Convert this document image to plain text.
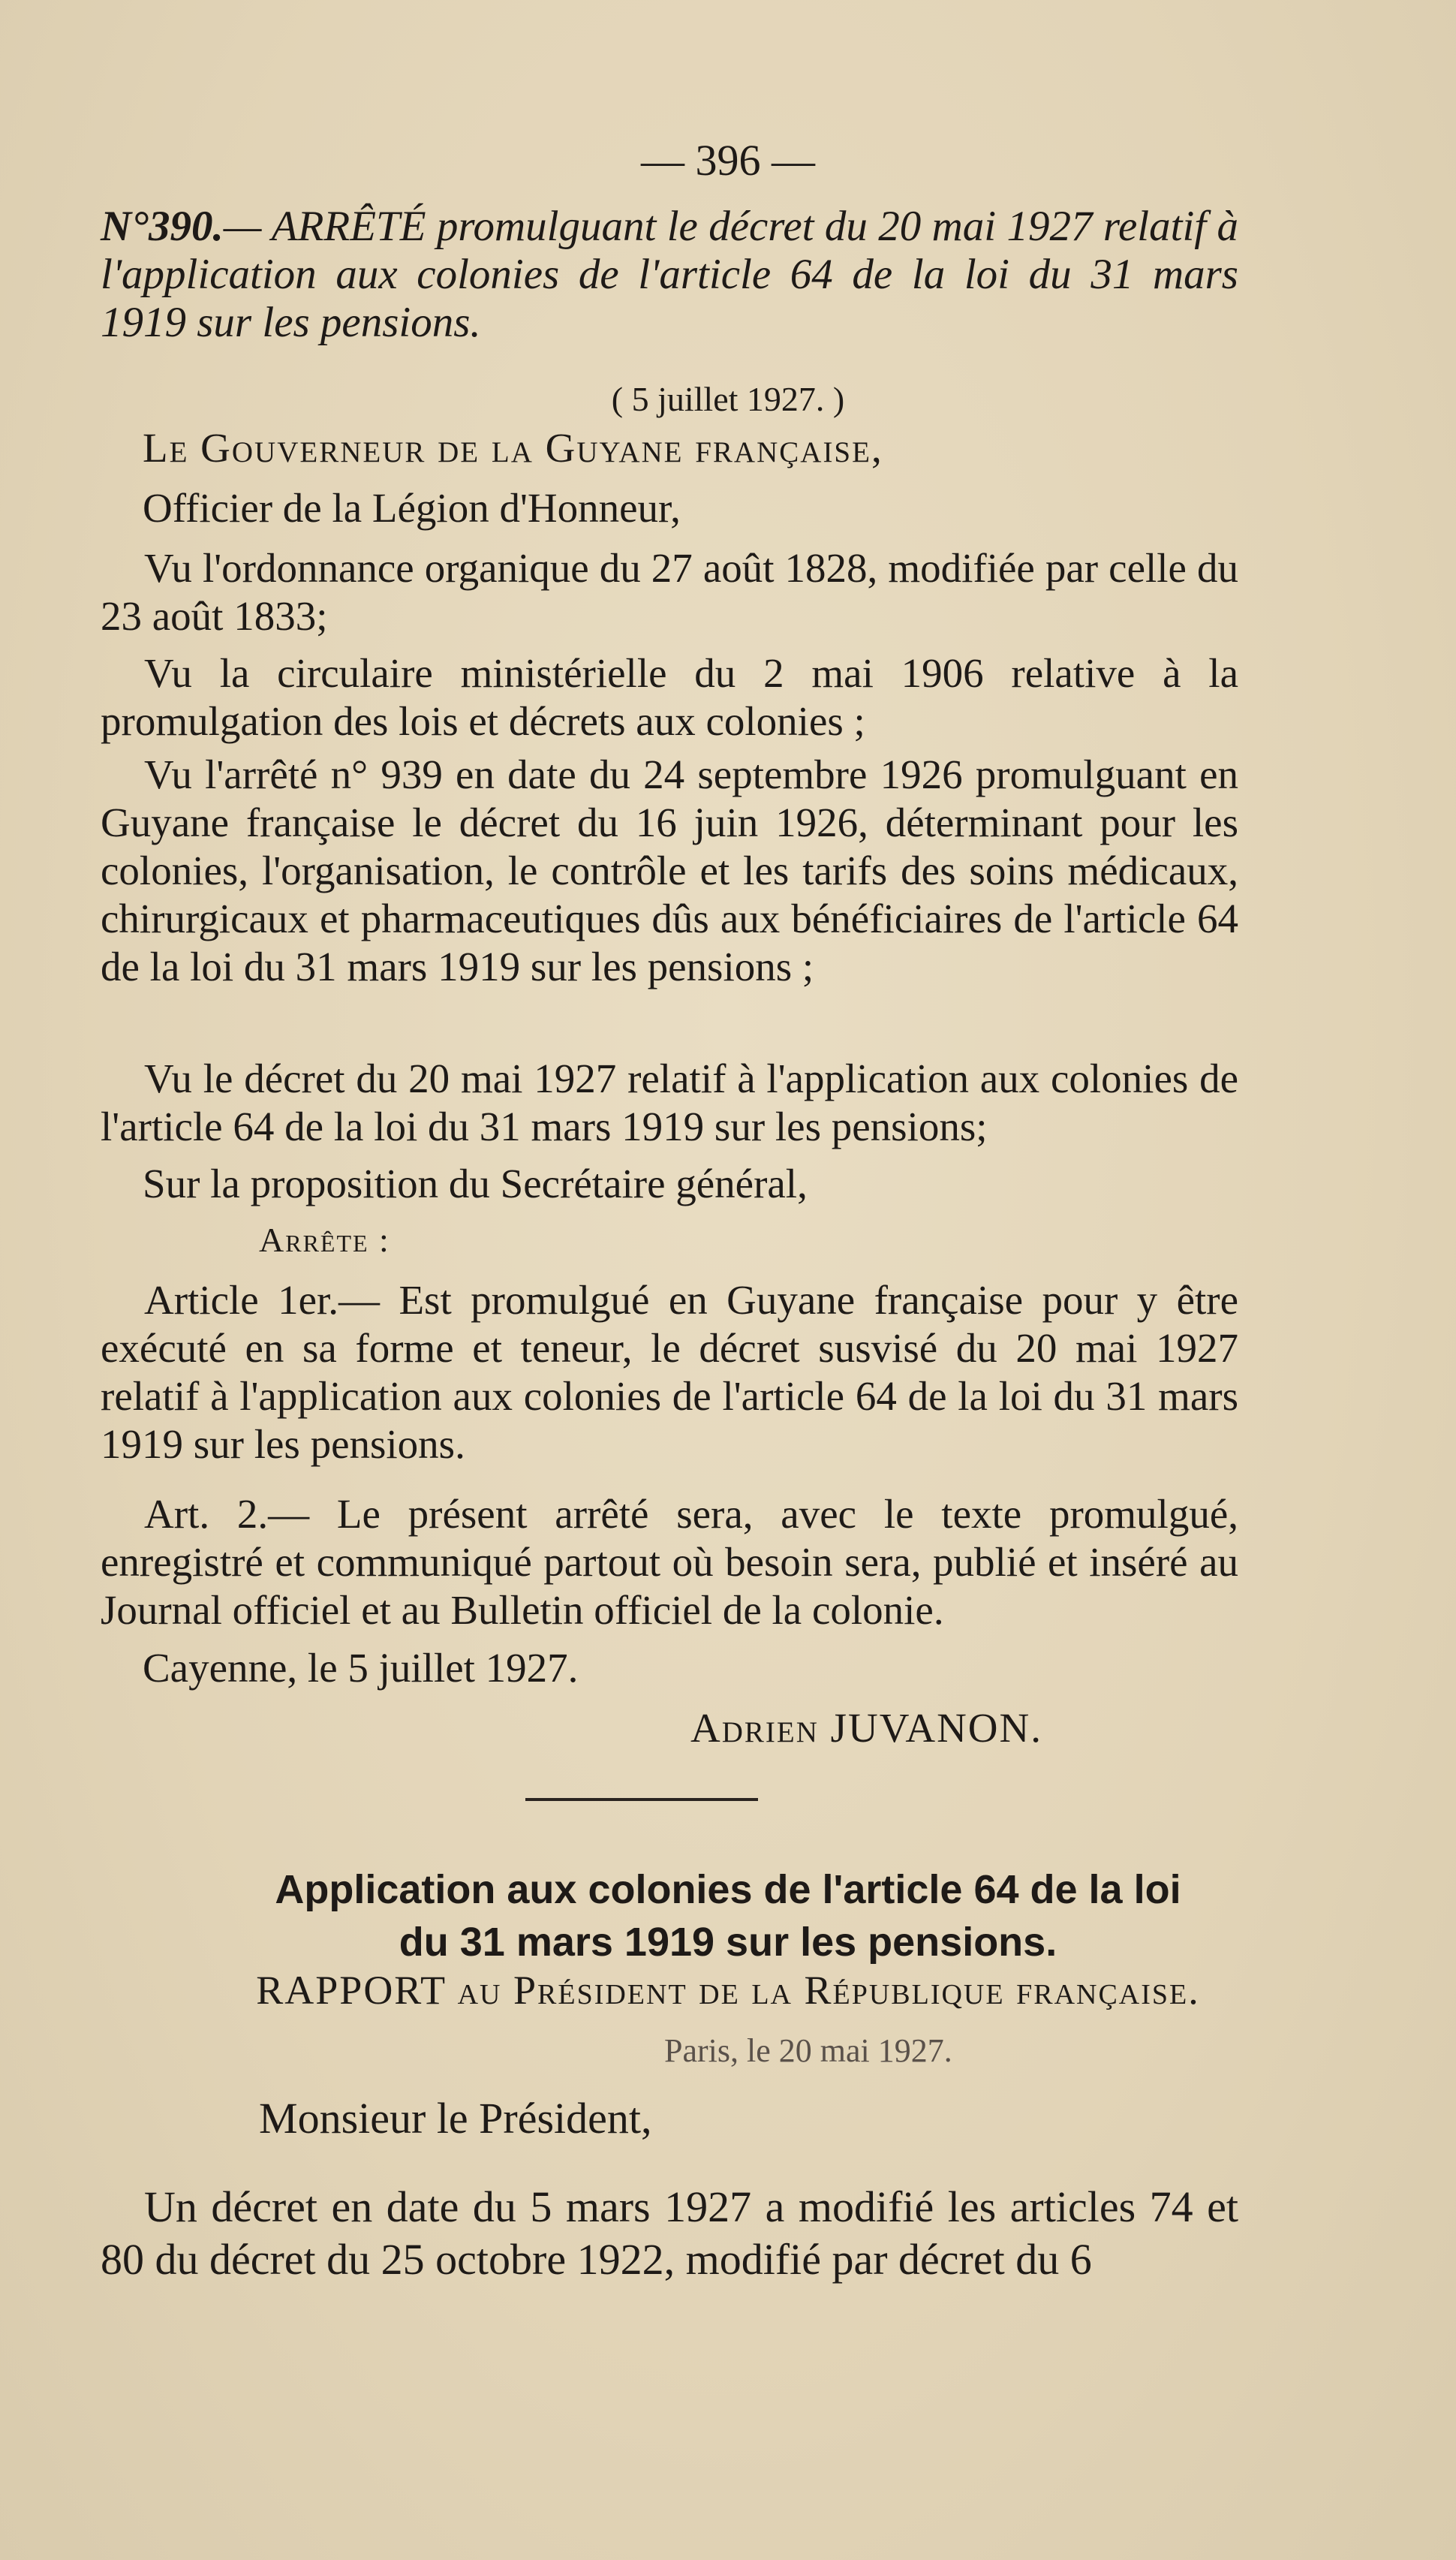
— 396 —
N°390.— ARRÊTÉ promulguant le décret du 20 mai 1927 relatif à l'application aux colonies de l'article 64 de la loi du 31 mars 1919 sur les pensions.
( 5 juillet 1927. )
Le Gouverneur de la Guyane française,
Officier de la Légion d'Honneur,
Vu l'ordonnance organique du 27 août 1828, modifiée par celle du 23 août 1833;
Vu la circulaire ministérielle du 2 mai 1906 relative à la promulgation des lois et décrets aux colonies ;
Vu l'arrêté n° 939 en date du 24 septembre 1926 promulguant en Guyane française le décret du 16 juin 1926, déterminant pour les colonies, l'organisation, le contrôle et les tarifs des soins médicaux, chirurgicaux et pharmaceutiques dûs aux bénéficiaires de l'article 64 de la loi du 31 mars 1919 sur les pensions ;
Vu le décret du 20 mai 1927 relatif à l'application aux colonies de l'article 64 de la loi du 31 mars 1919 sur les pensions;
Sur la proposition du Secrétaire général,
Arrête :
Article 1er.— Est promulgué en Guyane française pour y être exécuté en sa forme et teneur, le décret susvisé du 20 mai 1927 relatif à l'application aux colonies de l'article 64 de la loi du 31 mars 1919 sur les pensions.
Art. 2.— Le présent arrêté sera, avec le texte promulgué, enregistré et communiqué partout où besoin sera, publié et inséré au Journal officiel et au Bulletin officiel de la colonie.
Cayenne, le 5 juillet 1927.
Adrien JUVANON.
Application aux colonies de l'article 64 de la loi
du 31 mars 1919 sur les pensions.
RAPPORT au Président de la République française.
Paris, le 20 mai 1927.
Monsieur le Président,
Un décret en date du 5 mars 1927 a modifié les articles 74 et 80 du décret du 25 octobre 1922, modifié par décret du 6
